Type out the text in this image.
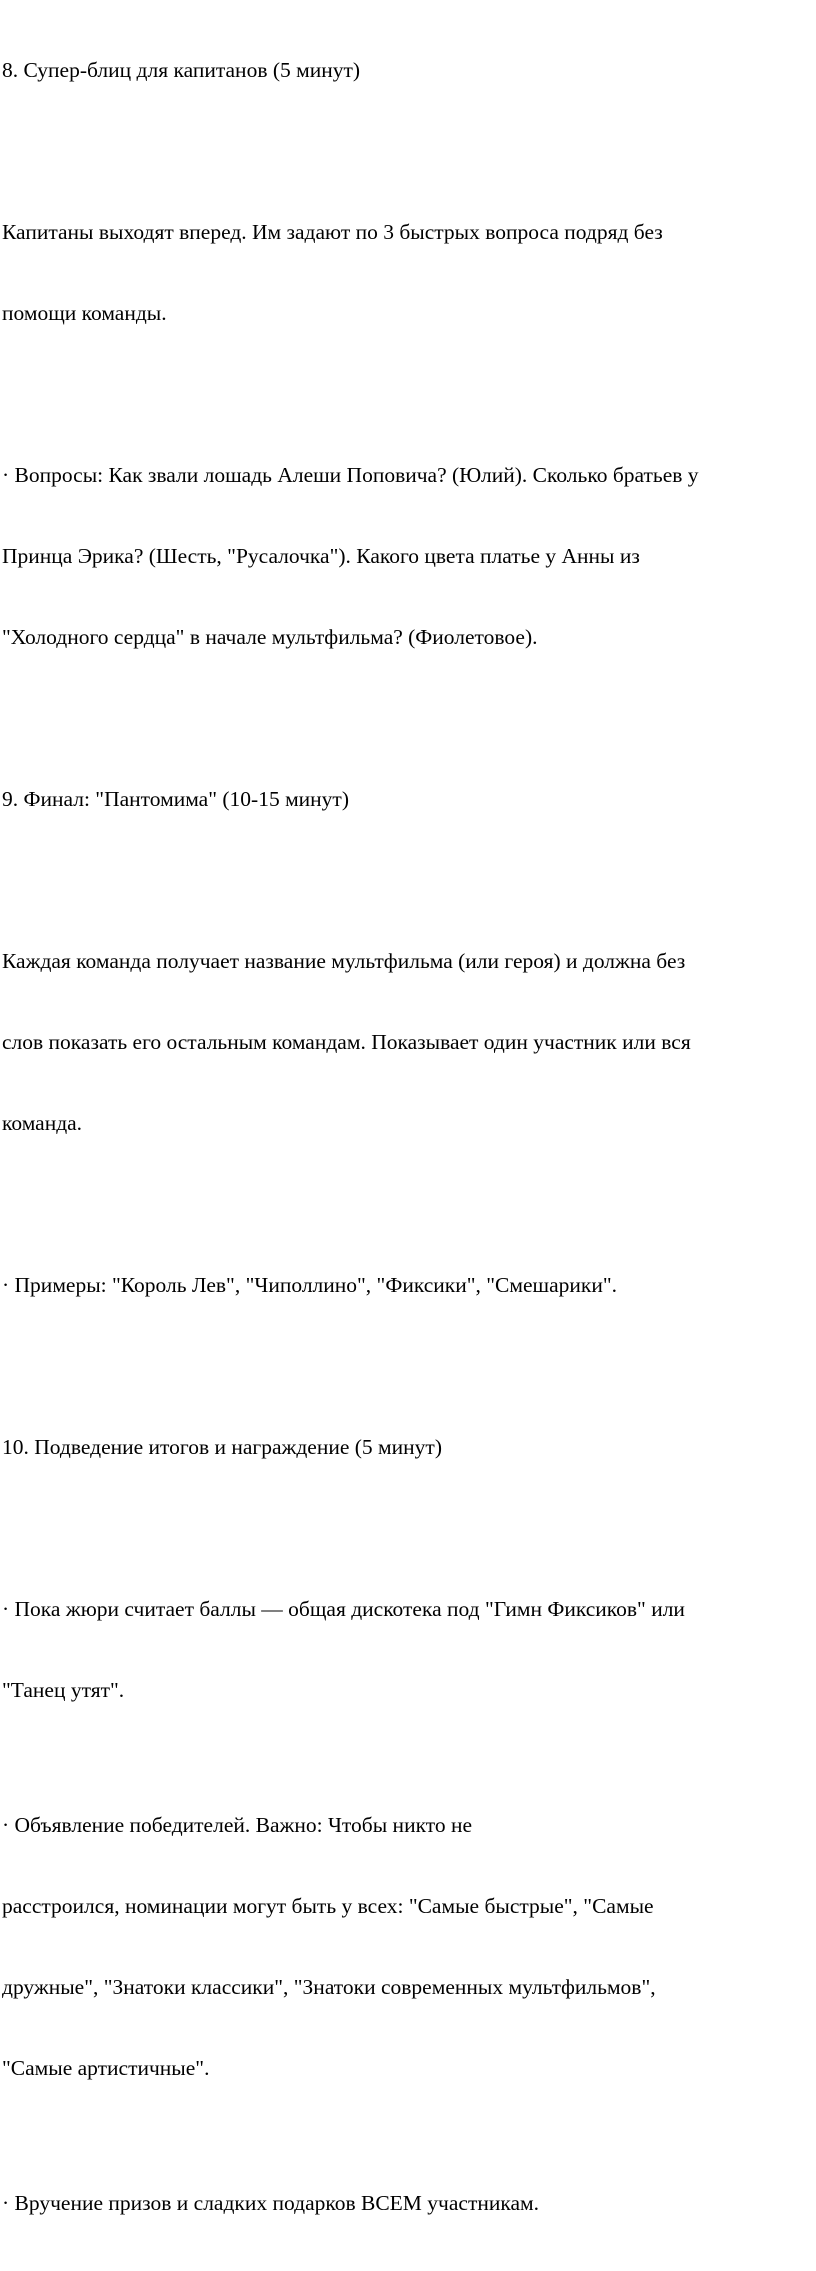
8. Супер-блиц для капитанов (5 минут)

Капитаны выходят вперед. Им задают по 3 быстрых вопроса подряд без

помощи команды.

· Вопросы: Как звали лошадь Алеши Поповича? (Юлий). Сколько братьев у

Принца Эрика? (Шесть, "Русалочка"). Какого цвета платье у Анны из

"Холодного сердца" в начале мультфильма? (Фиолетовое).

9. Финал: "Пантомима" (10-15 минут)

Каждая команда получает название мультфильма (или героя) и должна без

слов показать его остальным командам. Показывает один участник или вся

команда.

· Примеры: "Король Лев", "Чиполлино", "Фиксики", "Смешарики".

10. Подведение итогов и награждение (5 минут)

· Пока жюри считает баллы — общая дискотека под "Гимн Фиксиков" или

"Танец утят".

· Объявление победителей. Важно: Чтобы никто не

расстроился, номинации могут быть у всех: "Самые быстрые", "Самые

дружные", "Знатоки классики", "Знатоки современных мультфильмов",

"Самые артистичные".

· Вручение призов и сладких подарков ВСЕМ участникам.
